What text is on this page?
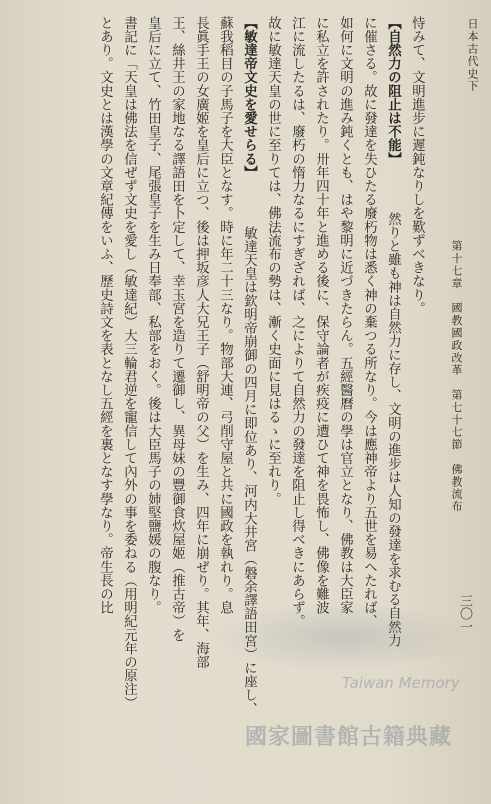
日本古代史下
第十七章　國教國政改革　第七十七節　佛教流布
三〇一
恃みて、文明進步に遲鈍なりしを歎ずべきなり。
然りと雖も神は自然力に存し、文明の進步は人知の發達を求むる自然力
【自然力の阻止は不能】
に催さる。故に發達を失ひたる廢朽物は悉く神の棄つる所なり。今は應神帝より五世を易へたれば、
如何に文明の進み鈍くとも、はや黎明に近づきたらん。五經醫曆の學は官立となり、佛教は大臣家
に私立を許されたり。卅年四十年と進める後に、保守論者が疾疫に遭ひて神を畏怖し、佛像を難波
江に流したるは、廢朽の惰力なるにすぎざれば、之によりて自然力の發達を阻止し得べきにあらず。
故に敏達天皇の世に至りては、佛法流布の勢は、漸く史面に見はるゝに至れり。
【敏達帝文史を愛せらる】
敏達天皇は欽明帝崩御の四月に即位あり、河内大井宮（磐余譯語田宮）に座し、
蘇我稻目の子馬子を大臣となす。時に年二十三なり。物部大連、弓削守屋と共に國政を執れり。息
長眞手王の女廣姬を皇后に立つ、後は押坂彦人大兄王子（舒明帝の父）を生み、四年に崩ぜり。其年、海部
王、絲井王の家地なる譯語田を卜定して、幸玉宮を造りて遷御し、異母妹の豐御食炊屋姬（推古帝）を
皇后に立て、竹田皇子、尾張皇子を生み日奉部、私部をおく。後は大臣馬子の姉堅鹽媛の腹なり。
書記に「天皇は佛法を信ぜず文史を愛し（敏達紀）大三輪君逆を寵信して內外の事を委ねる（用明紀元年の原注）
とあり。文史とは漢學の文章紀傳をいふ、歷史詩文を表となし五經を裏となす學なり。帝生長の比
Taiwan Memory
國家圖書館古籍典藏
